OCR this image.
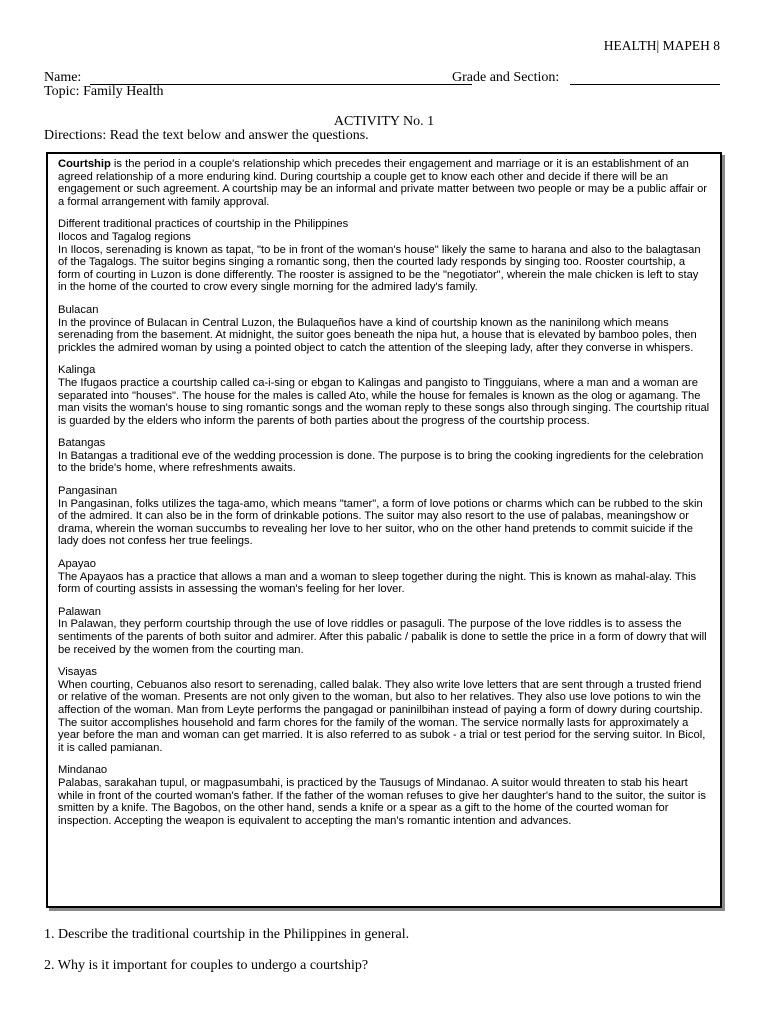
HEALTH| MAPEH 8
Name:	Grade and Section:
Topic: Family Health
ACTIVITY No. 1
Directions: Read the text below and answer the questions.

Courtship is the period in a couple's relationship which precedes their engagement and marriage or it is an establishment of an agreed relationship of a more enduring kind. During courtship a couple get to know each other and decide if there will be an engagement or such agreement. A courtship may be an informal and private matter between two people or may be a public affair or a formal arrangement with family approval.

Different traditional practices of courtship in the Philippines
Ilocos and Tagalog regions
In Ilocos, serenading is known as tapat, "to be in front of the woman's house" likely the same to harana and also to the balagtasan of the Tagalogs. The suitor begins singing a romantic song, then the courted lady responds by singing too. Rooster courtship, a form of courting in Luzon is done differently. The rooster is assigned to be the "negotiator", wherein the male chicken is left to stay in the home of the courted to crow every single morning for the admired lady's family.

Bulacan
In the province of Bulacan in Central Luzon, the Bulaqueños have a kind of courtship known as the naninilong which means serenading from the basement. At midnight, the suitor goes beneath the nipa hut, a house that is elevated by bamboo poles, then prickles the admired woman by using a pointed object to catch the attention of the sleeping lady, after they converse in whispers.

Kalinga
The Ifugaos practice a courtship called ca-i-sing or ebgan to Kalingas and pangisto to Tingguians, where a man and a woman are separated into "houses". The house for the males is called Ato, while the house for females is known as the olog or agamang. The man visits the woman's house to sing romantic songs and the woman reply to these songs also through singing. The courtship ritual is guarded by the elders who inform the parents of both parties about the progress of the courtship process.

Batangas
In Batangas a traditional eve of the wedding procession is done. The purpose is to bring the cooking ingredients for the celebration to the bride's home, where refreshments awaits.

Pangasinan
In Pangasinan, folks utilizes the taga-amo, which means "tamer", a form of love potions or charms which can be rubbed to the skin of the admired. It can also be in the form of drinkable potions. The suitor may also resort to the use of palabas, meaningshow or drama, wherein the woman succumbs to revealing her love to her suitor, who on the other hand pretends to commit suicide if the lady does not confess her true feelings.

Apayao
The Apayaos has a practice that allows a man and a woman to sleep together during the night. This is known as mahal-alay. This form of courting assists in assessing the woman's feeling for her lover.

Palawan
In Palawan, they perform courtship through the use of love riddles or pasaguli. The purpose of the love riddles is to assess the sentiments of the parents of both suitor and admirer. After this pabalic / pabalik is done to settle the price in a form of dowry that will be received by the women from the courting man.

Visayas
When courting, Cebuanos also resort to serenading, called balak. They also write love letters that are sent through a trusted friend or relative of the woman. Presents are not only given to the woman, but also to her relatives. They also use love potions to win the affection of the woman. Man from Leyte performs the pangagad or paninilbihan instead of paying a form of dowry during courtship. The suitor accomplishes household and farm chores for the family of the woman. The service normally lasts for approximately a year before the man and woman can get married. It is also referred to as subok - a trial or test period for the serving suitor. In Bicol, it is called pamianan.

Mindanao
Palabas, sarakahan tupul, or magpasumbahi, is practiced by the Tausugs of Mindanao. A suitor would threaten to stab his heart while in front of the courted woman's father. If the father of the woman refuses to give her daughter's hand to the suitor, the suitor is smitten by a knife. The Bagobos, on the other hand, sends a knife or a spear as a gift to the home of the courted woman for inspection. Accepting the weapon is equivalent to accepting the man's romantic intention and advances.

1. Describe the traditional courtship in the Philippines in general.
2. Why is it important for couples to undergo a courtship?
